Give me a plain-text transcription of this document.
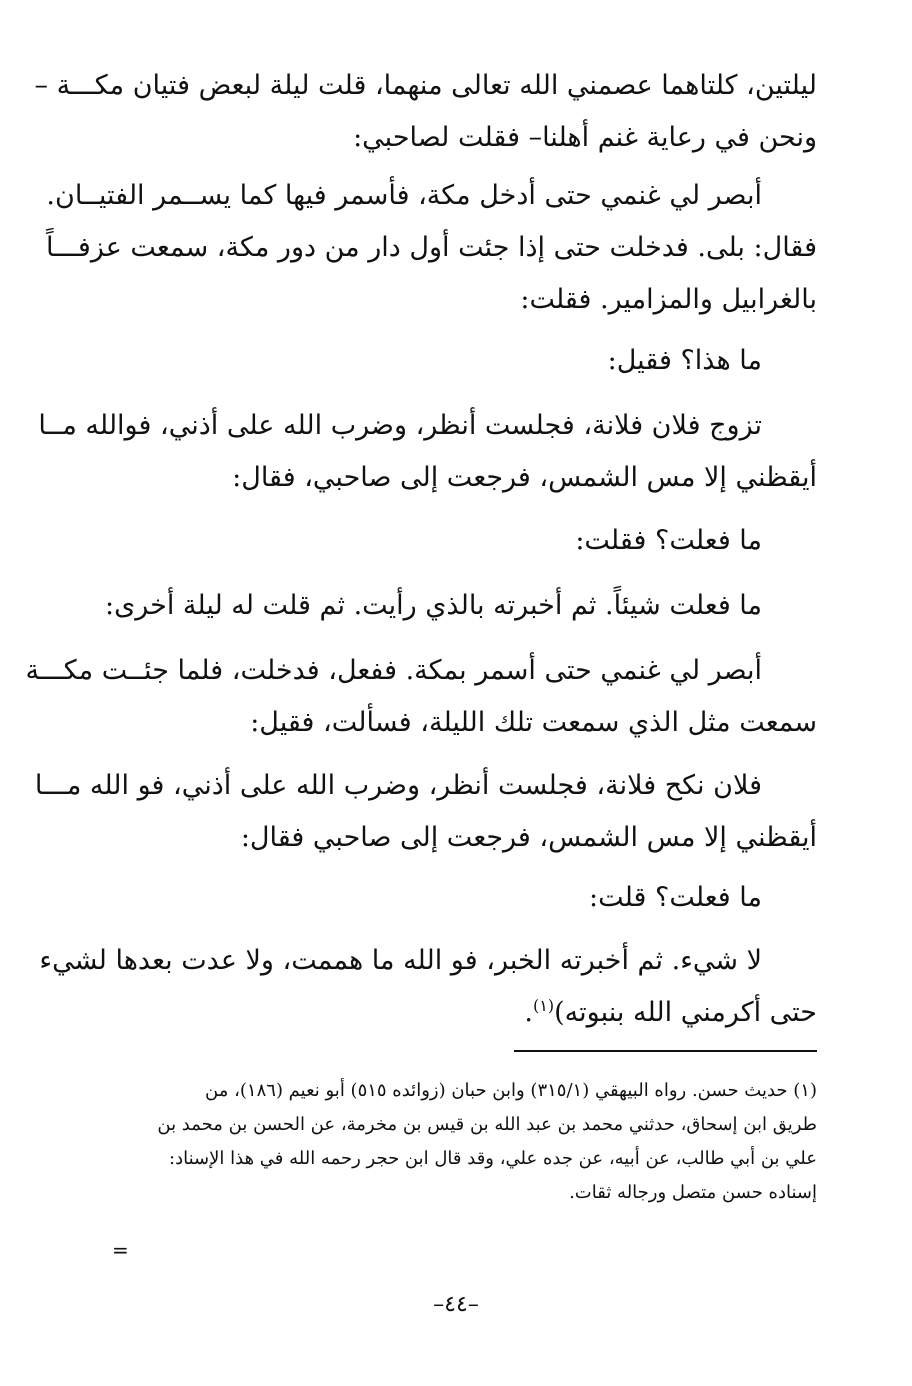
ليلتين، كلتاهما عصمني الله تعالى منهما، قلت ليلة لبعض فتيان مكـــة –
ونحن في رعاية غنم أهلنا– فقلت لصاحبي:
أبصر لي غنمي حتى أدخل مكة، فأسمر فيها كما يســمر الفتيــان.
فقال: بلى. فدخلت حتى إذا جئت أول دار من دور مكة، سمعت عزفـــاً
بالغرابيل والمزامير. فقلت:
ما هذا؟ فقيل:
تزوج فلان فلانة، فجلست أنظر، وضرب الله على أذني، فوالله مــا
أيقظني إلا مس الشمس، فرجعت إلى صاحبي، فقال:
ما فعلت؟ فقلت:
ما فعلت شيئاً. ثم أخبرته بالذي رأيت. ثم قلت له ليلة أخرى:
أبصر لي غنمي حتى أسمر بمكة. ففعل، فدخلت، فلما جئــت مكـــة
سمعت مثل الذي سمعت تلك الليلة، فسألت، فقيل:
فلان نكح فلانة، فجلست أنظر، وضرب الله على أذني، فو الله مـــا
أيقظني إلا مس الشمس، فرجعت إلى صاحبي فقال:
ما فعلت؟ قلت:
لا شيء. ثم أخبرته الخبر، فو الله ما هممت، ولا عدت بعدها لشيء
حتى أكرمني الله بنبوته)$^{(١)}$.
(١) حديث حسن. رواه البيهقي (٣١٥/١) وابن حبان (زوائده ٥١٥) أبو نعيم (١٨٦)، من
طريق ابن إسحاق، حدثني محمد بن عبد الله بن قيس بن مخرمة، عن الحسن بن محمد بن
علي بن أبي طالب، عن أبيه، عن جده علي، وقد قال ابن حجر رحمه الله في هذا الإسناد:
إسناده حسن متصل ورجاله ثقات.
=
–٤٤–
